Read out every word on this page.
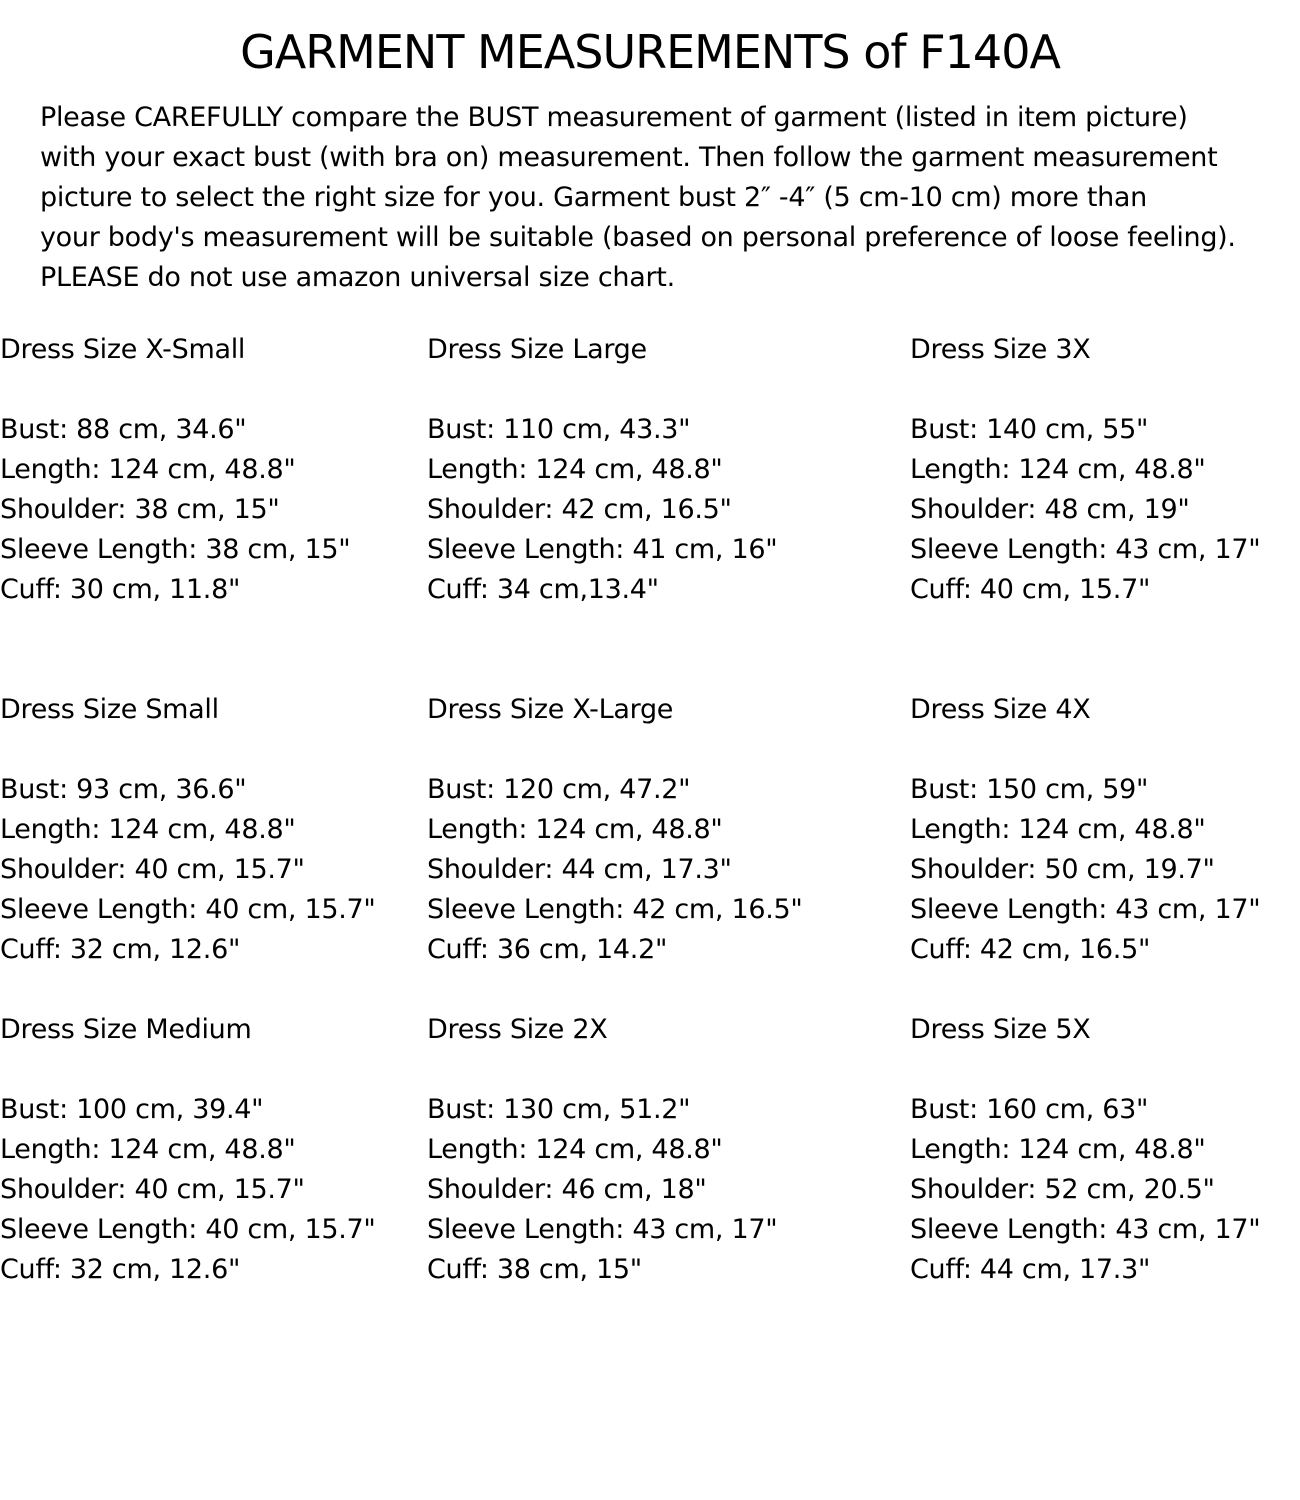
GARMENT MEASUREMENTS of F140A
Please CAREFULLY compare the BUST measurement of garment (listed in item picture)
with your exact bust (with bra on) measurement. Then follow the garment measurement
picture to select the right size for you. Garment bust 2″ -4″ (5 cm-10 cm) more than
your body's measurement will be suitable (based on personal preference of loose feeling).
PLEASE do not use amazon universal size chart.
Dress Size X-Small
Bust: 88 cm, 34.6"
Length: 124 cm, 48.8"
Shoulder: 38 cm, 15"
Sleeve Length: 38 cm, 15"
Cuff: 30 cm, 11.8"
Dress Size Small
Bust: 93 cm, 36.6"
Length: 124 cm, 48.8"
Shoulder: 40 cm, 15.7"
Sleeve Length: 40 cm, 15.7"
Cuff: 32 cm, 12.6"
Dress Size Medium
Bust: 100 cm, 39.4"
Length: 124 cm, 48.8"
Shoulder: 40 cm, 15.7"
Sleeve Length: 40 cm, 15.7"
Cuff: 32 cm, 12.6"
Dress Size Large
Bust: 110 cm, 43.3"
Length: 124 cm, 48.8"
Shoulder: 42 cm, 16.5"
Sleeve Length: 41 cm, 16"
Cuff: 34 cm,13.4"
Dress Size X-Large
Bust: 120 cm, 47.2"
Length: 124 cm, 48.8"
Shoulder: 44 cm, 17.3"
Sleeve Length: 42 cm, 16.5"
Cuff: 36 cm, 14.2"
Dress Size 2X
Bust: 130 cm, 51.2"
Length: 124 cm, 48.8"
Shoulder: 46 cm, 18"
Sleeve Length: 43 cm, 17"
Cuff: 38 cm, 15"
Dress Size 3X
Bust: 140 cm, 55"
Length: 124 cm, 48.8"
Shoulder: 48 cm, 19"
Sleeve Length: 43 cm, 17"
Cuff: 40 cm, 15.7"
Dress Size 4X
Bust: 150 cm, 59"
Length: 124 cm, 48.8"
Shoulder: 50 cm, 19.7"
Sleeve Length: 43 cm, 17"
Cuff: 42 cm, 16.5"
Dress Size 5X
Bust: 160 cm, 63"
Length: 124 cm, 48.8"
Shoulder: 52 cm, 20.5"
Sleeve Length: 43 cm, 17"
Cuff: 44 cm, 17.3"
